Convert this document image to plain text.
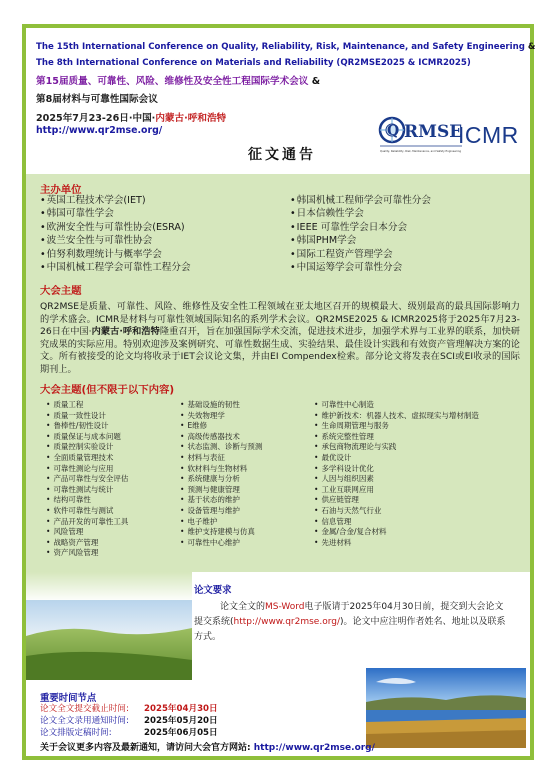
The 15th International Conference on Quality, Reliability, Risk, Maintenance, and Safety Engineering &
The 8th International Conference on Materials and Reliability (QR2MSE2025 & ICMR2025)
第15届质量、可靠性、风险、维修性及安全性工程国际学术会议 &
第8届材料与可靠性国际会议
2025年7月23-26日·中国·内蒙古·呼和浩特
http://www.qr2mse.org/	Q RMSE
Quality, Reliability, Risk, Maintenance, and Safety Engineering
ICMR
征文通告
主办单位
• 英国工程技术学会(IET)
• 韩国可靠性学会
• 欧洲安全性与可靠性协会(ESRA)
• 波兰安全性与可靠性协会
• 伯努利数理统计与概率学会
• 中国机械工程学会可靠性工程分会
• 韩国机械工程师学会可靠性分会
• 日本信赖性学会
• IEEE 可靠性学会日本分会
• 韩国PHM学会
• 国际工程资产管理学会
• 中国运筹学会可靠性分会
大会主题
QR2MSE是质量、可靠性、风险、维修性及安全性工程领域在亚太地区召开的规模最大、级别最高的最具国际影响力的学术盛会。ICMR是材料与可靠性领域国际知名的系列学术会议。QR2MSE2025 & ICMR2025将于2025年7月23-26日在中国·内蒙古·呼和浩特隆重召开，旨在加强国际学术交流，促进技术进步，加强学术界与工业界的联系，加快研究成果的实际应用。特别欢迎涉及案例研究、可靠性数据生成、实验结果、最佳设计实践和有效资产管理解决方案的论文。所有被接受的论文均将收录于IET会议论文集，并由EI Compendex检索。部分论文将发表在SCI或EI收录的国际期刊上。
大会主题(但不限于以下内容)
• 质量工程
• 质量一致性设计
• 鲁棒性/韧性设计
• 质量保证与成本问题
• 质量控制实验设计
• 全面质量管理技术
• 可靠性测论与应用
• 产品可靠性与安全评估
• 可靠性测试与统计
• 结构可靠性
• 软件可靠性与测试
• 产品开发的可靠性工具
• 风险管理
• 战略资产管理
• 资产风险管理
• 基础设施的韧性
• 失效物理学
• E维修
• 高级传感器技术
• 状态监测、诊断与预测
• 材料与表征
• 软材料与生物材料
• 系统健康与分析
• 预测与健康管理
• 基于状态的维护
• 设备管理与维护
• 电子维护
• 维护支持建模与仿真
• 可靠性中心维护
• 可靠性中心制造
• 维护新技术：机器人技术、虚拟现实与增材制造
• 生命周期管理与服务
• 系统完整性管理
• 承包商物流理论与实践
• 最优设计
• 多学科设计优化
• 人因与组织因素
• 工业互联网应用
• 供应链管理
• 石油与天然气行业
• 信息管理
• 金属/合金/复合材料
• 先进材料
论文要求
论文全文的MS-Word电子版请于2025年04月30日前，提交到大会论文提交系统(http://www.qr2mse.org/)。论文中应注明作者姓名、地址以及联系方式。
重要时间节点
论文全文提交截止时间: 2025年04月30日
论文全文录用通知时间: 2025年05月20日
论文排版定稿时间:	2025年06月05日
关于会议更多内容及最新通知，请访问大会官方网站: http://www.qr2mse.org/
